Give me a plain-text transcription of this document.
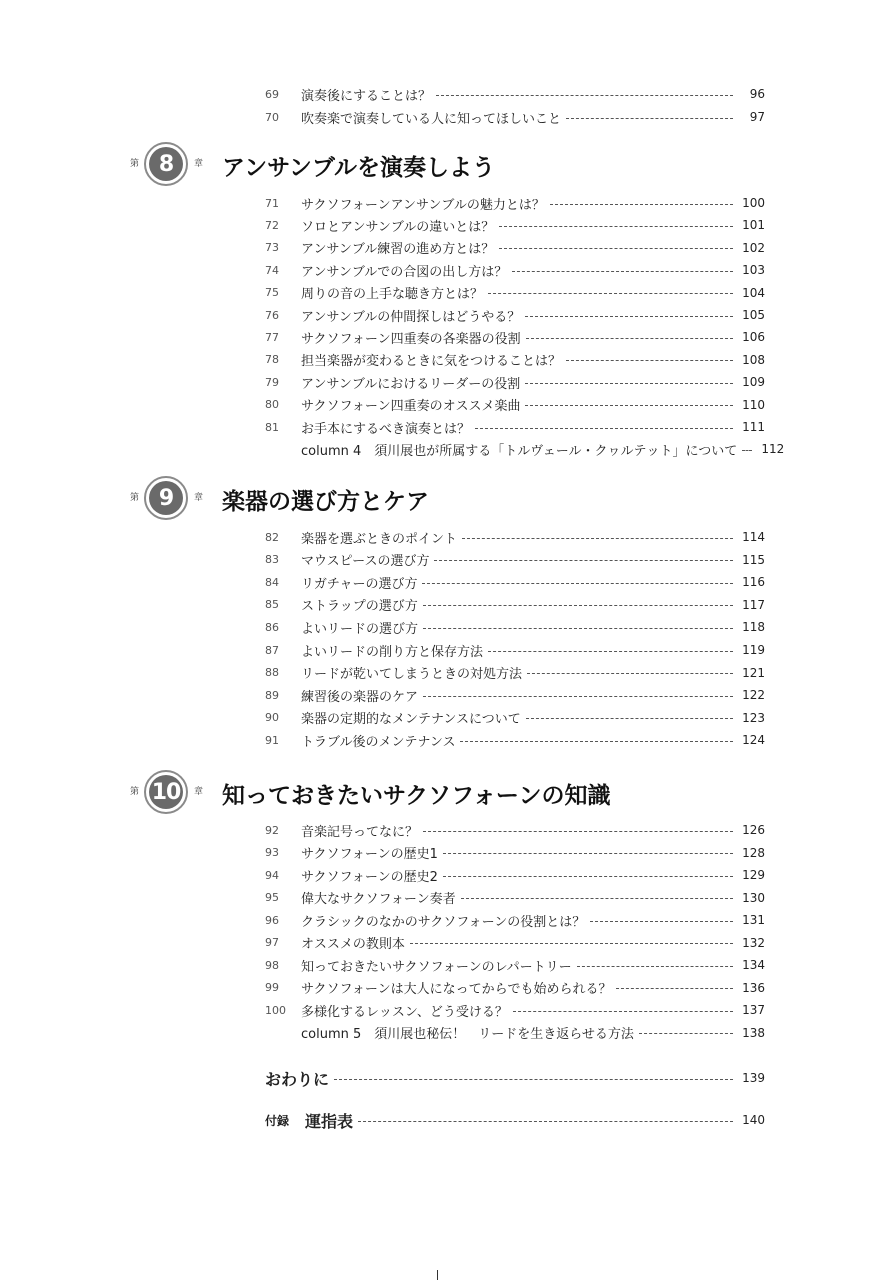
69	演奏後にすることは？	96
70	吹奏楽で演奏している人に知ってほしいこと	97
第 8	章 アンサンブルを演奏しよう
71	サクソフォーンアンサンブルの魅力とは？	100
72	ソロとアンサンブルの違いとは？	101
73	アンサンブル練習の進め方とは？	102
74	アンサンブルでの合図の出し方は？	103
75	周りの音の上手な聴き方とは？	104
76	アンサンブルの仲間探しはどうやる？	105
77	サクソフォーン四重奏の各楽器の役割	106
78	担当楽器が変わるときに気をつけることは？	108
79	アンサンブルにおけるリーダーの役割	109
80	サクソフォーン四重奏のオススメ楽曲	110
81	お手本にするべき演奏とは？	111
column 4　須川展也が所属する「トルヴェール・クヮルテット」について 112
第 9	章 楽器の選び方とケア
82	楽器を選ぶときのポイント	114
83	マウスピースの選び方	115
84	リガチャーの選び方	116
85	ストラップの選び方	117
86	よいリードの選び方	118
87	よいリードの削り方と保存方法	119
88	リードが乾いてしまうときの対処方法	121
89	練習後の楽器のケア	122
90	楽器の定期的なメンテナンスについて	123
91	トラブル後のメンテナンス	124
第 10 章 知っておきたいサクソフォーンの知識
92	音楽記号ってなに？	126
93	サクソフォーンの歴史1	128
94	サクソフォーンの歴史2	129
95	偉大なサクソフォーン奏者	130
96	クラシックのなかのサクソフォーンの役割とは？	131
97	オススメの教則本	132
98	知っておきたいサクソフォーンのレパートリー	134
99	サクソフォーンは大人になってからでも始められる？	136
100	多様化するレッスン、どう受ける？	137
column 5　須川展也秘伝！　リードを生き返らせる方法	138
おわりに	139
付録 運指表	140
